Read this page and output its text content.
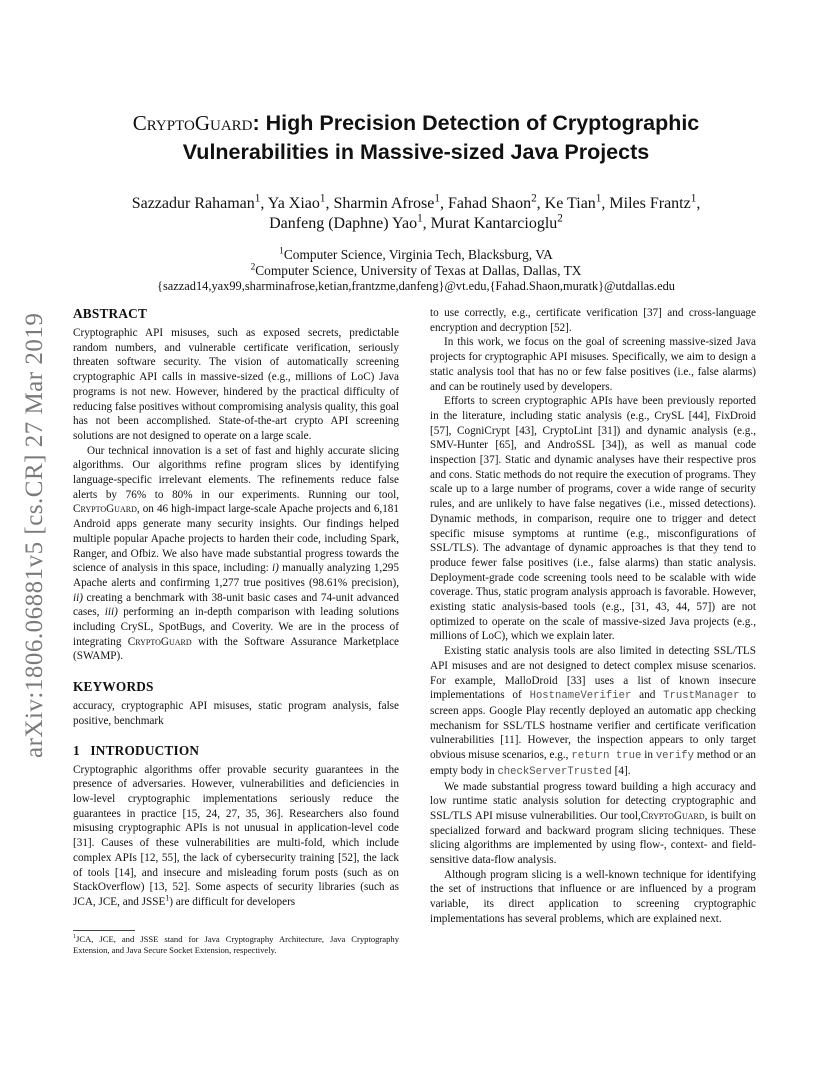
arXiv:1806.06881v5 [cs.CR] 27 Mar 2019
CryptoGuard: High Precision Detection of Cryptographic
Vulnerabilities in Massive-sized Java Projects
Sazzadur Rahaman$^1$, Ya Xiao$^1$, Sharmin Afrose$^1$, Fahad Shaon$^2$, Ke Tian$^1$, Miles Frantz$^1$,
Danfeng (Daphne) Yao$^1$, Murat Kantarcioglu$^2$
$^1$Computer Science, Virginia Tech, Blacksburg, VA
$^2$Computer Science, University of Texas at Dallas, Dallas, TX
{sazzad14,yax99,sharminafrose,ketian,frantzme,danfeng}@vt.edu,{Fahad.Shaon,muratk}@utdallas.edu
ABSTRACT

Cryptographic API misuses, such as exposed secrets, predictable random numbers, and vulnerable certificate verification, seriously threaten software security. The vision of automatically screening cryptographic API calls in massive-sized (e.g., millions of LoC) Java programs is not new. However, hindered by the practical difficulty of reducing false positives without compromising analysis quality, this goal has not been accomplished. State-of-the-art crypto API screening solutions are not designed to operate on a large scale.

Our technical innovation is a set of fast and highly accurate slicing algorithms. Our algorithms refine program slices by identifying language-specific irrelevant elements. The refinements reduce false alerts by 76% to 80% in our experiments. Running our tool, CryptoGuard, on 46 high-impact large-scale Apache projects and 6,181 Android apps generate many security insights. Our findings helped multiple popular Apache projects to harden their code, including Spark, Ranger, and Ofbiz. We also have made substantial progress towards the science of analysis in this space, including: i) manually analyzing 1,295 Apache alerts and confirming 1,277 true positives (98.61% precision), ii) creating a benchmark with 38-unit basic cases and 74-unit advanced cases, iii) performing an in-depth comparison with leading solutions including CrySL, SpotBugs, and Coverity. We are in the process of integrating CryptoGuard with the Software Assurance Marketplace (SWAMP).

KEYWORDS

accuracy, cryptographic API misuses, static program analysis, false positive, benchmark

1   INTRODUCTION

Cryptographic algorithms offer provable security guarantees in the presence of adversaries. However, vulnerabilities and deficiencies in low-level cryptographic implementations seriously reduce the guarantees in practice [15, 24, 27, 35, 36]. Researchers also found misusing cryptographic APIs is not unusual in application-level code [31]. Causes of these vulnerabilities are multi-fold, which include complex APIs [12, 55], the lack of cybersecurity training [52], the lack of tools [14], and insecure and misleading forum posts (such as on StackOverflow) [13, 52]. Some aspects of security libraries (such as JCA, JCE, and JSSE$^1$) are difficult for developers

$^1$JCA, JCE, and JSSE stand for Java Cryptography Architecture, Java Cryptography Extension, and Java Secure Socket Extension, respectively.

to use correctly, e.g., certificate verification [37] and cross-language encryption and decryption [52].

In this work, we focus on the goal of screening massive-sized Java projects for cryptographic API misuses. Specifically, we aim to design a static analysis tool that has no or few false positives (i.e., false alarms) and can be routinely used by developers.

Efforts to screen cryptographic APIs have been previously reported in the literature, including static analysis (e.g., CrySL [44], FixDroid [57], CogniCrypt [43], CryptoLint [31]) and dynamic analysis (e.g., SMV-Hunter [65], and AndroSSL [34]), as well as manual code inspection [37]. Static and dynamic analyses have their respective pros and cons. Static methods do not require the execution of programs. They scale up to a large number of programs, cover a wide range of security rules, and are unlikely to have false negatives (i.e., missed detections). Dynamic methods, in comparison, require one to trigger and detect specific misuse symptoms at runtime (e.g., misconfigurations of SSL/TLS). The advantage of dynamic approaches is that they tend to produce fewer false positives (i.e., false alarms) than static analysis. Deployment-grade code screening tools need to be scalable with wide coverage. Thus, static program analysis approach is favorable. However, existing static analysis-based tools (e.g., [31, 43, 44, 57]) are not optimized to operate on the scale of massive-sized Java projects (e.g., millions of LoC), which we explain later.

Existing static analysis tools are also limited in detecting SSL/TLS API misuses and are not designed to detect complex misuse scenarios. For example, MalloDroid [33] uses a list of known insecure implementations of HostnameVerifier and TrustManager to screen apps. Google Play recently deployed an automatic app checking mechanism for SSL/TLS hostname verifier and certificate verification vulnerabilities [11]. However, the inspection appears to only target obvious misuse scenarios, e.g., return true in verify method or an empty body in checkServerTrusted [4].

We made substantial progress toward building a high accuracy and low runtime static analysis solution for detecting cryptographic and SSL/TLS API misuse vulnerabilities. Our tool,CryptoGuard, is built on specialized forward and backward program slicing techniques. These slicing algorithms are implemented by using flow-, context- and field-sensitive data-flow analysis.

Although program slicing is a well-known technique for identifying the set of instructions that influence or are influenced by a program variable, its direct application to screening cryptographic implementations has several problems, which are explained next.
